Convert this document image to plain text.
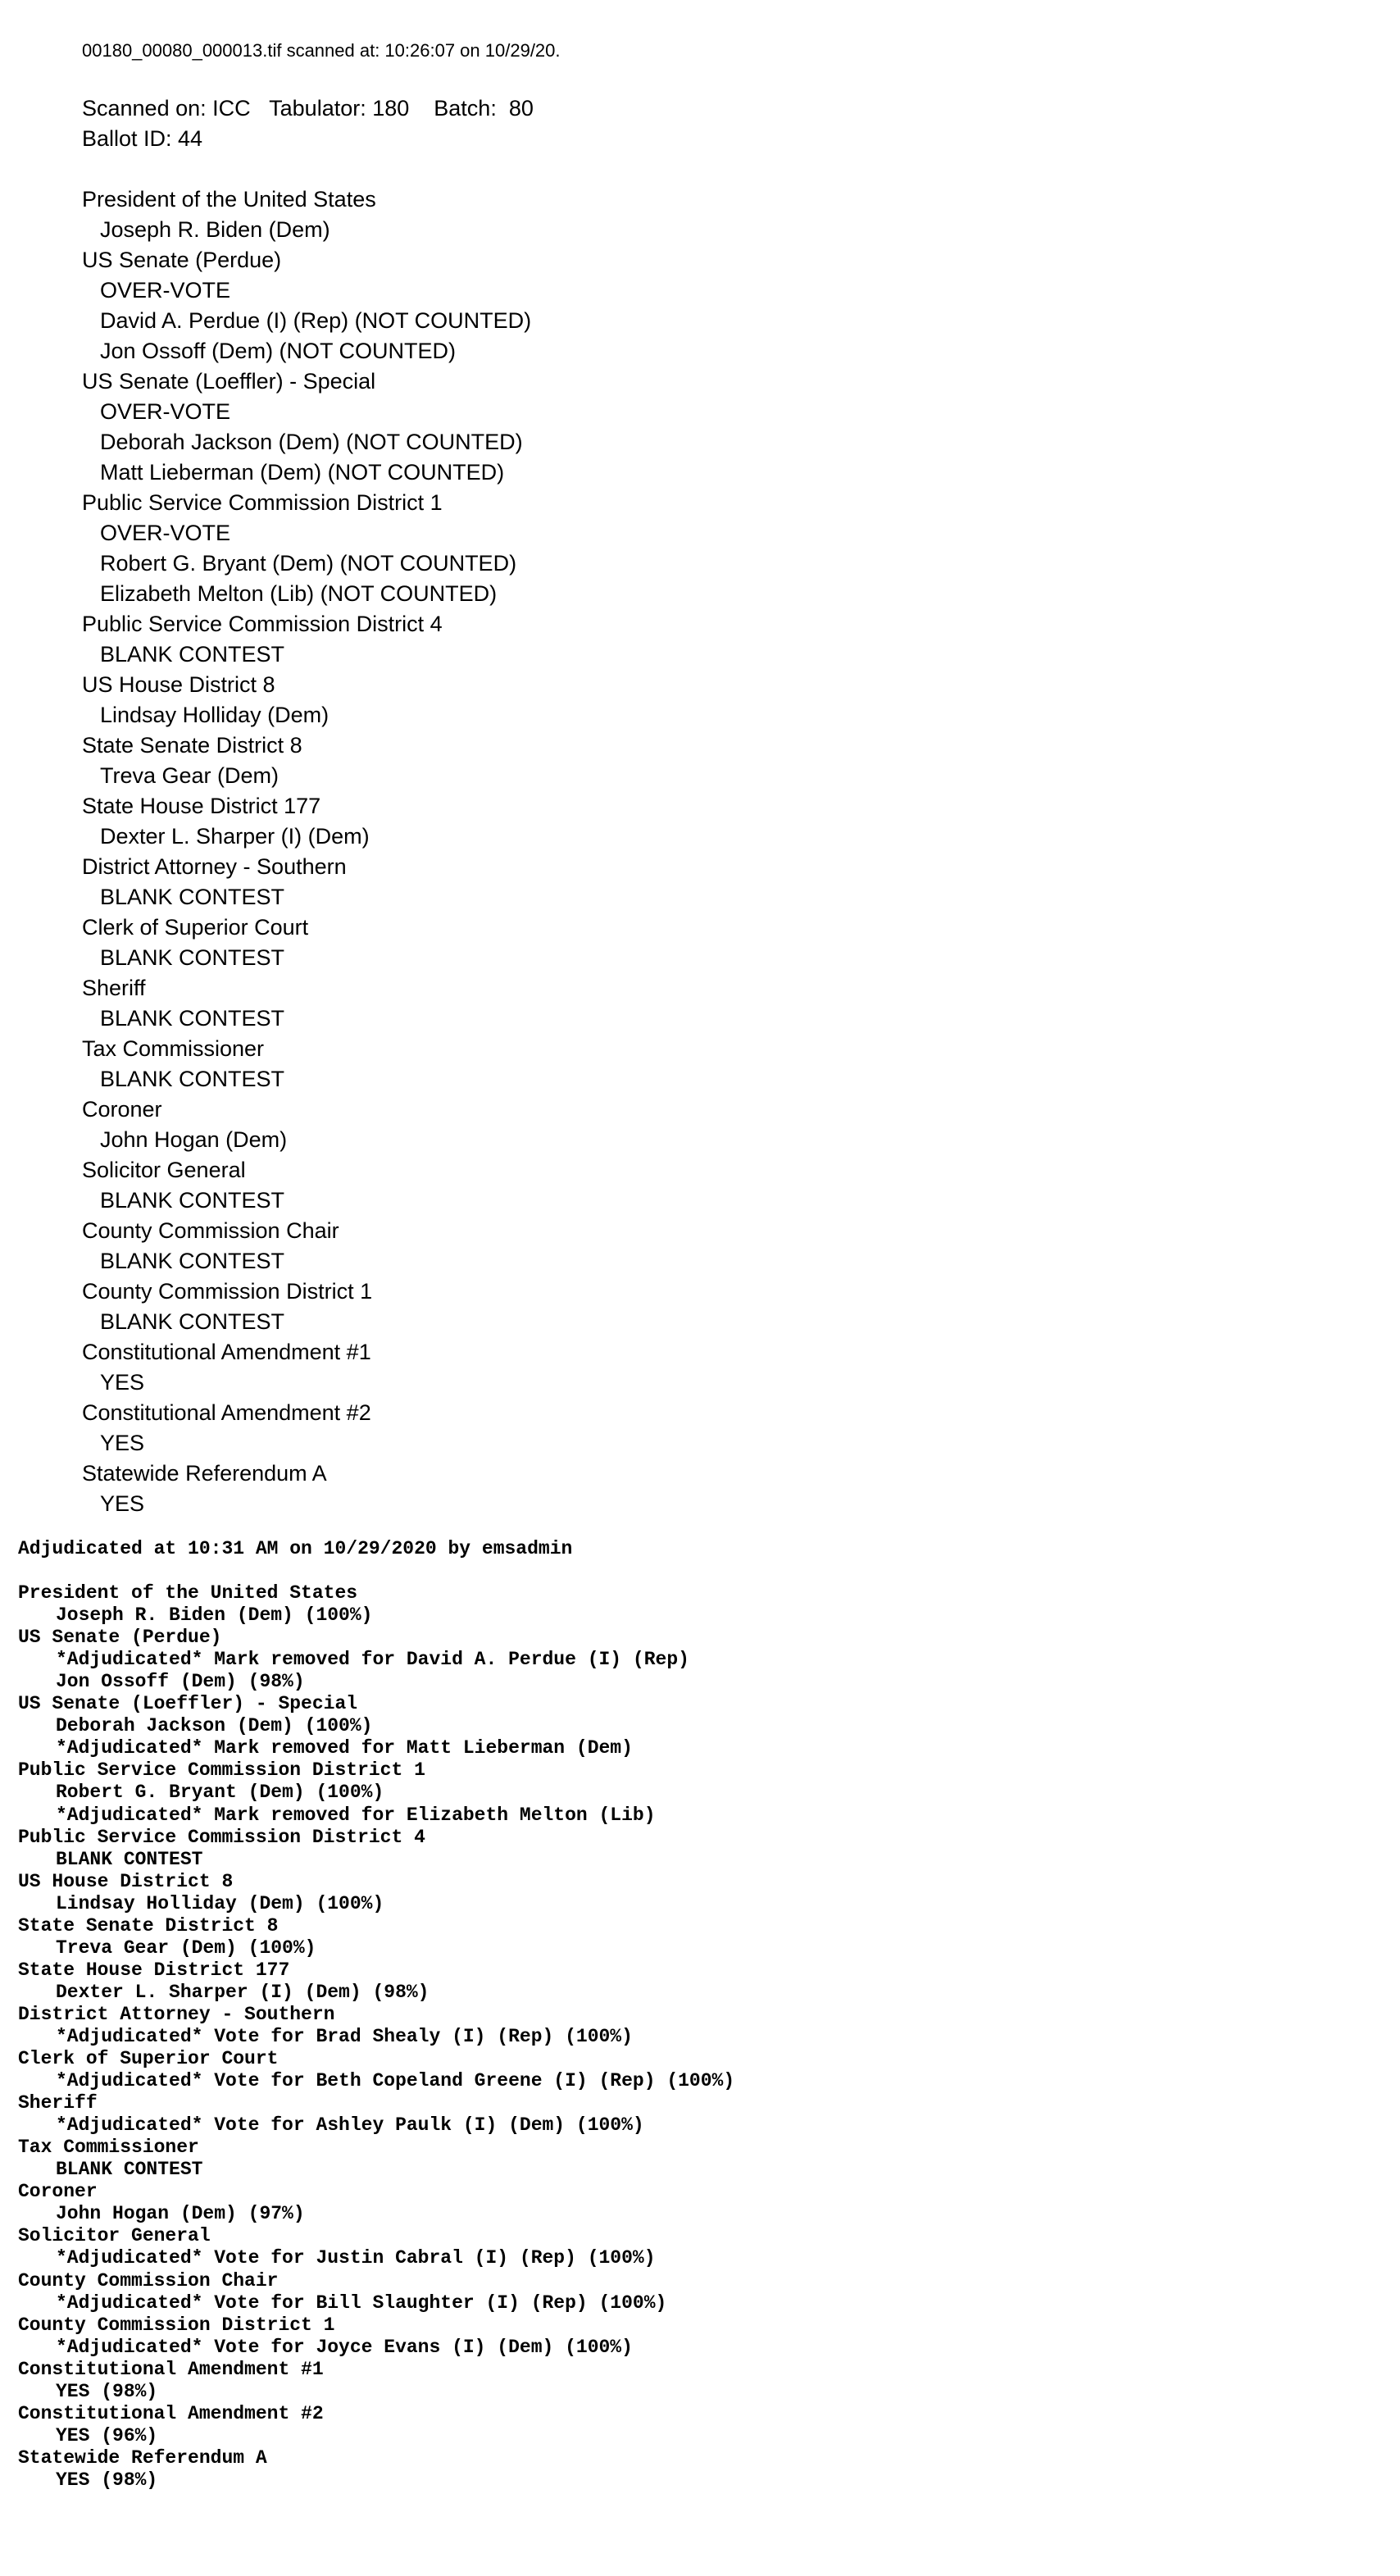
00180_00080_000013.tif scanned at: 10:26:07 on 10/29/20.

Scanned on: ICC
Tabulator: 180
Batch:  80
Ballot ID: 44
President of the United States
Joseph R. Biden (Dem)
US Senate (Perdue)
OVER-VOTE
David A. Perdue (I) (Rep) (NOT COUNTED)
Jon Ossoff (Dem) (NOT COUNTED)
US Senate (Loeffler) - Special
OVER-VOTE
Deborah Jackson (Dem) (NOT COUNTED)
Matt Lieberman (Dem) (NOT COUNTED)
Public Service Commission District 1
OVER-VOTE
Robert G. Bryant (Dem) (NOT COUNTED)
Elizabeth Melton (Lib) (NOT COUNTED)
Public Service Commission District 4
BLANK CONTEST
US House District 8
Lindsay Holliday (Dem)
State Senate District 8
Treva Gear (Dem)
State House District 177
Dexter L. Sharper (I) (Dem)
District Attorney - Southern
BLANK CONTEST
Clerk of Superior Court
BLANK CONTEST
Sheriff
BLANK CONTEST
Tax Commissioner
BLANK CONTEST
Coroner
John Hogan (Dem)
Solicitor General
BLANK CONTEST
County Commission Chair
BLANK CONTEST
County Commission District 1
BLANK CONTEST
Constitutional Amendment #1
YES
Constitutional Amendment #2
YES
Statewide Referendum A
YES
Adjudicated at 10:31 AM on 10/29/2020 by emsadmin
President of the United States
Joseph R. Biden (Dem) (100%)
US Senate (Perdue)
*Adjudicated* Mark removed for David A. Perdue (I) (Rep)
Jon Ossoff (Dem) (98%)
US Senate (Loeffler) - Special
Deborah Jackson (Dem) (100%)
*Adjudicated* Mark removed for Matt Lieberman (Dem)
Public Service Commission District 1
Robert G. Bryant (Dem) (100%)
*Adjudicated* Mark removed for Elizabeth Melton (Lib)
Public Service Commission District 4
BLANK CONTEST
US House District 8
Lindsay Holliday (Dem) (100%)
State Senate District 8
Treva Gear (Dem) (100%)
State House District 177
Dexter L. Sharper (I) (Dem) (98%)
District Attorney - Southern
*Adjudicated* Vote for Brad Shealy (I) (Rep) (100%)
Clerk of Superior Court
*Adjudicated* Vote for Beth Copeland Greene (I) (Rep) (100%)
Sheriff
*Adjudicated* Vote for Ashley Paulk (I) (Dem) (100%)
Tax Commissioner
BLANK CONTEST
Coroner
John Hogan (Dem) (97%)
Solicitor General
*Adjudicated* Vote for Justin Cabral (I) (Rep) (100%)
County Commission Chair
*Adjudicated* Vote for Bill Slaughter (I) (Rep) (100%)
County Commission District 1
*Adjudicated* Vote for Joyce Evans (I) (Dem) (100%)
Constitutional Amendment #1
YES (98%)
Constitutional Amendment #2
YES (96%)
Statewide Referendum A
YES (98%)
